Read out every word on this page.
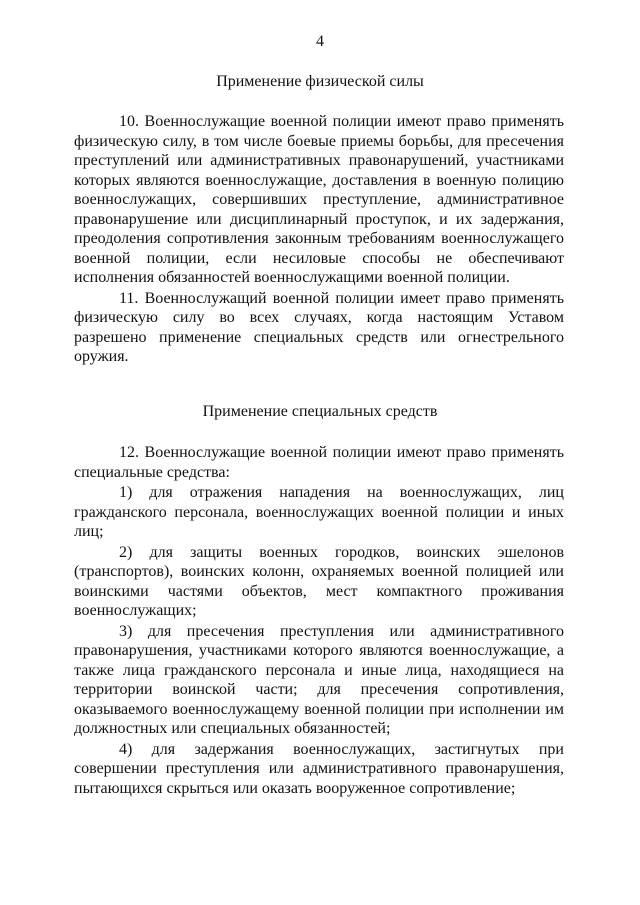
4
Применение физической силы

10. Военнослужащие военной полиции имеют право применять физическую силу, в том числе боевые приемы борьбы, для пресечения преступлений или административных правонарушений, участниками которых являются военнослужащие, доставления в военную полицию военнослужащих, совершивших преступление, административное правонарушение или дисциплинарный проступок, и их задержания, преодоления сопротивления законным требованиям военнослужащего военной полиции, если несиловые способы не обеспечивают исполнения обязанностей военнослужащими военной полиции.

11. Военнослужащий военной полиции имеет право применять физическую силу во всех случаях, когда настоящим Уставом разрешено применение специальных средств или огнестрельного оружия.

Применение специальных средств

12. Военнослужащие военной полиции имеют право применять специальные средства:

1) для отражения нападения на военнослужащих, лиц гражданского персонала, военнослужащих военной полиции и иных лиц;

2) для защиты военных городков, воинских эшелонов (транспортов), воинских колонн, охраняемых военной полицией или воинскими частями объектов, мест компактного проживания военнослужащих;

3) для пресечения преступления или административного правонарушения, участниками которого являются военнослужащие, а также лица гражданского персонала и иные лица, находящиеся на территории воинской части; для пресечения сопротивления, оказываемого военнослужащему военной полиции при исполнении им должностных или специальных обязанностей;

4) для задержания военнослужащих, застигнутых при совершении преступления или административного правонарушения, пытающихся скрыться или оказать вооруженное сопротивление;
